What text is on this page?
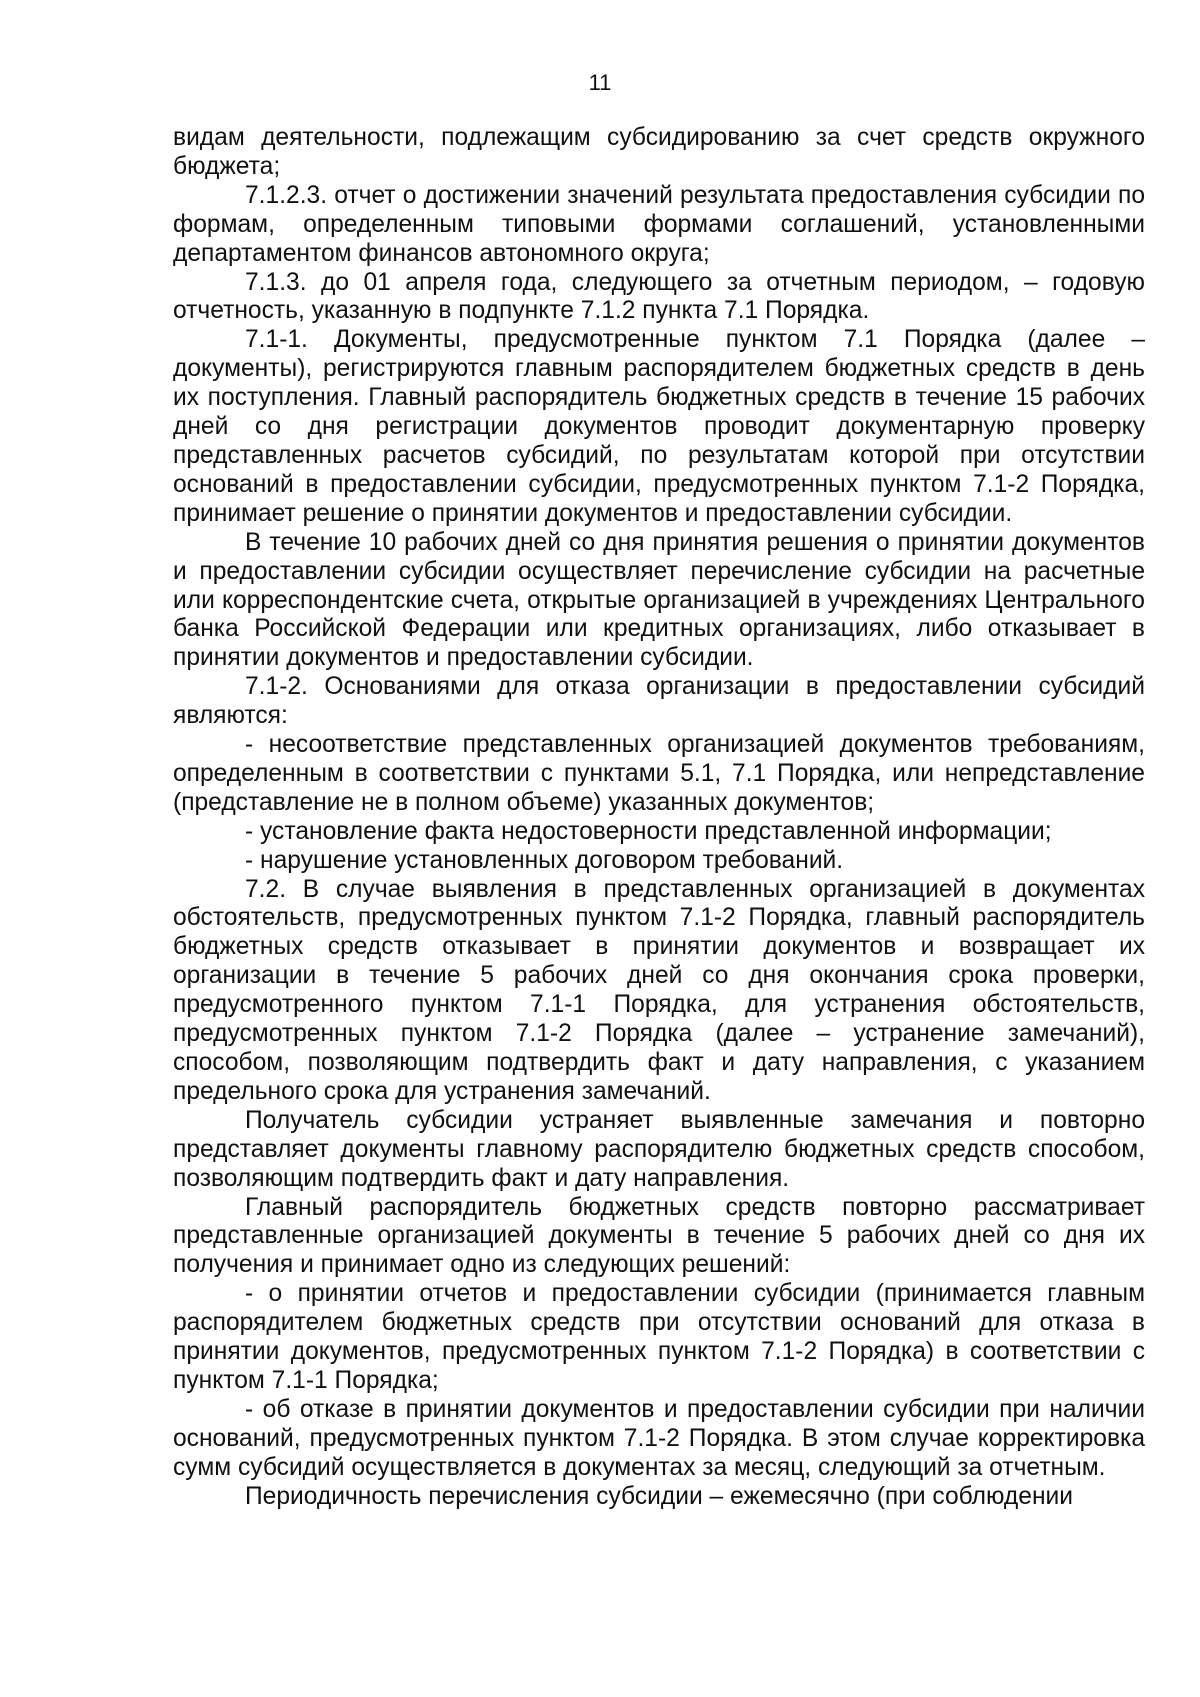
11

видам деятельности, подлежащим субсидированию за счет средств окружного бюджета;

7.1.2.3. отчет о достижении значений результата предоставления субсидии по формам, определенным типовыми формами соглашений, установленными департаментом финансов автономного округа;

7.1.3. до 01 апреля года, следующего за отчетным периодом, – годовую отчетность, указанную в подпункте 7.1.2 пункта 7.1 Порядка.

7.1-1. Документы, предусмотренные пунктом 7.1 Порядка (далее – документы), регистрируются главным распорядителем бюджетных средств в день их поступления. Главный распорядитель бюджетных средств в течение 15 рабочих дней со дня регистрации документов проводит документарную проверку представленных расчетов субсидий, по результатам которой при отсутствии оснований в предоставлении субсидии, предусмотренных пунктом 7.1-2 Порядка, принимает решение о принятии документов и предоставлении субсидии.

В течение 10 рабочих дней со дня принятия решения о принятии документов и предоставлении субсидии осуществляет перечисление субсидии на расчетные или корреспондентские счета, открытые организацией в учреждениях Центрального банка Российской Федерации или кредитных организациях, либо отказывает в принятии документов и предоставлении субсидии.

7.1-2. Основаниями для отказа организации в предоставлении субсидий являются:

- несоответствие представленных организацией документов требованиям, определенным в соответствии с пунктами 5.1, 7.1 Порядка, или непредставление (представление не в полном объеме) указанных документов;

- установление факта недостоверности представленной информации;

- нарушение установленных договором требований.

7.2. В случае выявления в представленных организацией в документах обстоятельств, предусмотренных пунктом 7.1-2 Порядка, главный распорядитель бюджетных средств отказывает в принятии документов и возвращает их организации в течение 5 рабочих дней со дня окончания срока проверки, предусмотренного пунктом 7.1-1 Порядка, для устранения обстоятельств, предусмотренных пунктом 7.1-2 Порядка (далее – устранение замечаний), способом, позволяющим подтвердить факт и дату направления, с указанием предельного срока для устранения замечаний.

Получатель субсидии устраняет выявленные замечания и повторно представляет документы главному распорядителю бюджетных средств способом, позволяющим подтвердить факт и дату направления.

Главный распорядитель бюджетных средств повторно рассматривает представленные организацией документы в течение 5 рабочих дней со дня их получения и принимает одно из следующих решений:

- о принятии отчетов и предоставлении субсидии (принимается главным распорядителем бюджетных средств при отсутствии оснований для отказа в принятии документов, предусмотренных пунктом 7.1-2 Порядка) в соответствии с пунктом 7.1-1 Порядка;

- об отказе в принятии документов и предоставлении субсидии при наличии оснований, предусмотренных пунктом 7.1-2 Порядка. В этом случае корректировка сумм субсидий осуществляется в документах за месяц, следующий за отчетным.

Периодичность перечисления субсидии – ежемесячно (при соблюдении
